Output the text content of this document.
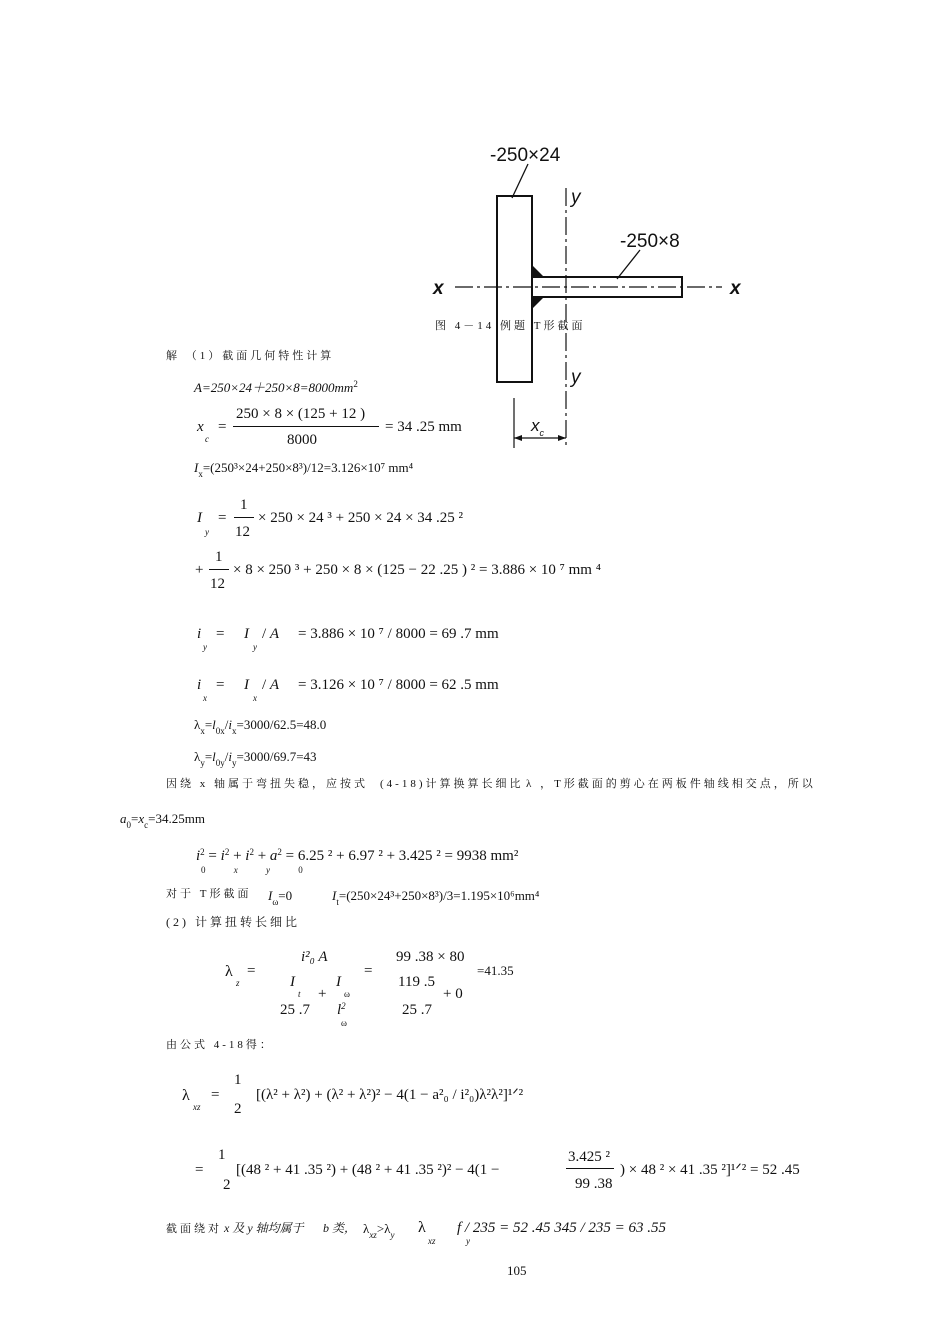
-250×24
-250×8
y
y
x	x
$x_c$
图 4－14 例题 T形截面
解 （1）截面几何特性计算
$A=250\times 24+250\times 8=8000mm^2$
x
c
=
250 × 8 × (125 + 12 )
8000
= 34 .25 mm
$I_x=(250^3\times 24+250\times 8^3)/12=3.126\times 10^7$ mm⁴
I
y
=
1
12
× 250 × 24 ³ + 250 × 24 × 34 .25 ²
+
1
12
× 8 × 250 ³ + 250 × 8 × (125 − 22 .25 ) ² = 3.886 × 10 ⁷ mm ⁴
i
y
= I
y
/ A = 3.886 × 10 ⁷ / 8000 = 69 .7 mm
i
x
= I
x
/ A = 3.126 × 10 ⁷ / 8000 = 62 .5 mm
$\lambda_x=l_{0x}/i_x=3000/62.5=48.0$
$\lambda_y=l_{0y}/i_y=3000/69.7=43$
因绕 x 轴属于弯扭失稳，应按式 (4-18)计算换算长细比 λ ，T形截面的剪心在两板件轴线相交点，所以
$a_0=x_c=34.25mm$
$i^2 = i^2 + i^2 + a^2 = 6.25$ ² + 6.97 ² + 3.425 ² = 9938 mm²
0 x	y 0
对于 T形截面 $I_\omega=0$	$I_t=(250\times 24^3+250\times 8^3)/3=1.195\times 10^6mm^4$
(2) 计算扭转长细比
λ
z
=
i²₀ A
I
t +
I
ω
25 .7 $l^2$
ω
=
99 .38 × 80
119 .5
+ 0
25 .7
=41.35
由公式 4-18得：
λ
xz
=
1
2
[(λ² + λ²) + (λ² + λ²)² − 4(1 − a²₀ / i²₀)λ²λ²]¹ᐟ²
=
1
2
[(48 ² + 41 .35 ²) + (48 ² + 41 .35 ²)² − 4(1 −
3.425 ²
99 .38
) × 48 ² × 41 .35 ²]¹ᐟ² = 52 .45
截面绕对 x 及 y 轴均属于 b 类， $\lambda_{xz}>\lambda_y$ λ
xz
f / 235 = 52 .45 345 / 235 = 63 .55
y
105
